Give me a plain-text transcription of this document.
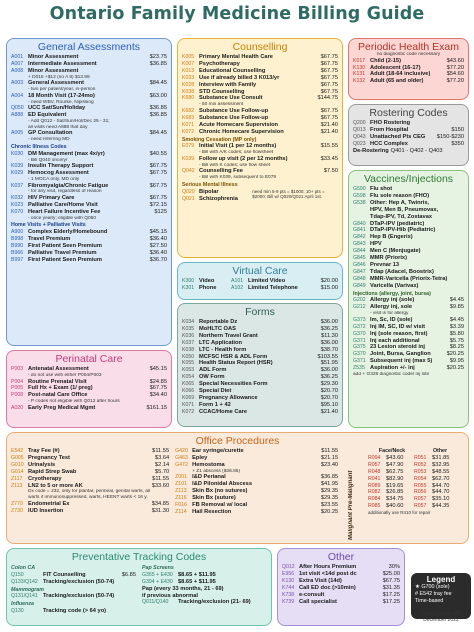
Ontario Family Medicine Billing Guide
General Assessments
A001 Minor Assessment	$23.75
A007 Intermediate Assessment	$36.85
A008 Minor Assessment
+ D015 +$12 (no A 8) $13.99
A003 General Assessment	$84.45
- two per patient/year, in-person
A004 18 Month Visit (17-24mo)	$63.00
- need WBV, Rourke, Nipissing
Q050 UCC Sat/Sun/Holiday	$36.85
A888 ED Equivalent	$36.85
- Add Q012 - Sat/Sun/Hol/Dec 25 - 31;
all visits need A888 that day
A005 GP Consultation	$84.45
- need referring MD
Chronic Illness Codes
K030 DM Management (max 4x/yr)	$40.55
- Bill Q040 once/yr
K039 Insulin Therapy Support	$67.75
K029 Hemocog Assessment	$67.75
- 1 MOCA only, MD only
K037 Fibromyalgia/Chronic Fatigue	$67.75
- for any visit, regardless of reason
K032 HIV Primary Care	$67.75
K023 Palliative Care/Home Visit	$72.15
K070 Heart Failure Incentive Fee	$125
- once yearly; eligible with Q050
Home Visits + Palliative Visits
A900 Complex Elderly/Homebound	$45.15
B998 Travel Premium	$36.40
B990 First Patient Seen Premium	$27.50
B966 Palliative Travel Premium	$36.40
B997 First Patient Seen Premium	$36.70
Counselling
K005 Primary Mental Health Care	$67.75
K007 Psychotherapy	$67.75
K013 Educational Counselling	$67.75
K033 Use if already billed 3 K013/yr	$67.75
K028 Interview with Family	$67.75
K038 STD Counselling	$67.75
K680 Substance Use Consult	$144.75
- 50 min assessment
K682 Substance Use Follow-up	$67.75
K683 Substance Use Follow-up	$67.75
K071 Acute Homecare Supervision	$21.40
K072 Chronic Homecare Supervision	$21.40
Smoking Cessation (MP only)
E079 Initial Visit (1 per 12 months)	$15.55
- Bill with A/K codes; use flowsheet
K039 Follow up visit (2 per 12 months)	$33.45
- Bill with K codes; use flow sheet
Q042 Counselling Fee	$7.50
- Bill with K039, subsequent to E079
Serious Mental Illness
Q020 Bipolar
Q021 Schizophrenia
need min 5-9 pts = $1000; 10+ pts = $2000; Bill w/ Q020/Q021 April 1st.
Periodic Health Exam
no diagnostic code necessary
K017 Child (2-15)	$43.60
K130 Adolescent (16-17)	$77.20
K131 Adult (18-64 inclusive)	$54.60
K132 Adult (65 and older)	$77.20
Rostering Codes
Q200 FHO Rostering
Q013 From Hospital	$150
Q043 Unattached Pts CEG	$150-$230
Q023 HCC Complex	$350
De-Rostering Q401 - Q402 - Q403
Vaccines/Injections
G590 Flu shot
G598 Flu sole reason (FHO)
G538 Other: Hep A, Twinrix,
HPV, Men B, Pneumovax,
Tdap-IPV, Td, Zostavax
G840 DTaP-IPV (pediatric)
G841 DTaP-IPV-Hib (Pediatric)
G842 Hep B (Engerix)
G843 HPV
G844 Men C (Menjugate)
G845 MMR (Priorix)
G846 Prevnar 13
G847 Tdap (Adacel, Boostrix)
G848 MMR-Varicella (Priorix-Tetra)
G849 Varicella (Varivax)
Injections (allergy, joint, bursa)
G202 Allergy inj (sole)	$4.45
G212 Allergy inj, sole	$9.85
- visit is for allergy
G373 Im, Sc, ID (sole)	$4.45
G372 Inj IM, SC, ID w/ visit	$3.39
G370 Inj (sole reason, first)	$5.80
G371 Inj each additional	$5.75
G375 23 Lesion steroid inj	$8.25
G370 Joint, Bursa, Ganglion	$20.25
G371 Subsequent inj (max 5)	$9.95
Z535 Aspiration +/- inj	$20.25
add + G328 diagnostic code/ inj site
Virtual Care
K300 Video	A101 Limited Video	$20.00
K301 Phone	A102 Limited Telephone	$15.00
Forms
K034 Reportable Dz	$36.00
K035 MoHLTC OAS	$36.25
K036 Northern Travel Grant	$11.30
K037 LTC Application	$36.00
K038 LTC - Health form	$38.70
K050 MCFSC HSR & ADL Form	$103.55
K055 Health Status Report (HSR)	$51.95
K053 ADL Form	$36.00
K054 OW Form	$36.25
K065 Special Necessities Form	$29.30
K066 Special Diet	$20.70
K069 Pregnancy Allowance	$20.70
K071 Form 1 + 42	$95.10
K072 CCAC/Home Care	$21.40
Perinatal Care
P003 Antenatal Assessment	$45.15
- do not use with either P004/P003
P004 Routine Prenatal Visit	$24.85
P005 Full Hx + Exam (1/ preg)	$67.75
P008 Post-natal Care Office	$34.40
- P codes not eligible with Q012 after hours
A020 Early Preg Medical Mgmt	$161.15
Office Procedures
E542 Tray Fee (#)	$11.55
G005 Pregnancy Test	$3.64
G010 Urinalysis	$2.14
G014 Rapid Strep Swab	$5.70
Z117 Cryotherapy	$11.55
Z113 LN2 to 5 or more AK	$33.60
Dx code = 232, only for plantar, perineal, genital warts, all
warts if immunosuppressed, warts, HEENT warts < 16 y.
Z770 Endometrial Ex	$34.85
Z730 IUD Insertion	$31.30
G420 Ear syringe/curette	$11.55
G463 Epley	$21.15
G472 Hemostoma	$23.40
+ Z1 abscess ($36.85)
Z001 I&D Perianal	$36.85
Z101 I&D Pilonidal Abscess	$41.95
Z113 Skin Bx (no sutures)	$29.35
Z116 Skin Bx (suture)	$29.35
F016 FB Removal w/ local	$23.55
Z114 Hail Resection	$20.25 Malignant Pre-Malignant
Face/Neck	Other
R094 $43.60	R051 $31.85
R057 $47.90	R052 $32.95
R048 $62.75	R053 $48.55
R041 $82.90	R054 $62.70
R089 $19.65	R055 $44.70
R082 $26.85	R056 $44.70
R084 $34.75	R057 $35.10
R085 $40.60	R057 $44.35
additionally use R410 for repair
Preventative Tracking Codes
Colon CA
Q150	FIT Counselling	$6.85
Q133/Q142 Tracking/exclusion (50-74)
Mammogram
Q131/Q141 Tracking/exclusion (50-74)
Influenza
Q130	Tracking code (> 64 yo)
Pap Screens
G365 + E430 $8.65 + $11.95
G394 + E430 $8.65 + $11.95
Pap (every 33 months, 21 - 69)
if previous abnormal
Q011/Q140	Tracking/exclusion (21- 69)
Other
Q012 After Hours Premium	30%
E956 1st visit <14d post dc	$25.00
K130 Extra Visit (14d)	$67.75
K744 Call ED doc (>10min)	$31.35
K738 e-consult	$17.25
K739 Call specialist	$17.25
Legend
★ G700 (sole)
# E542 tray fee
Time-based
Dan Cojocaru, MD
December 2022
